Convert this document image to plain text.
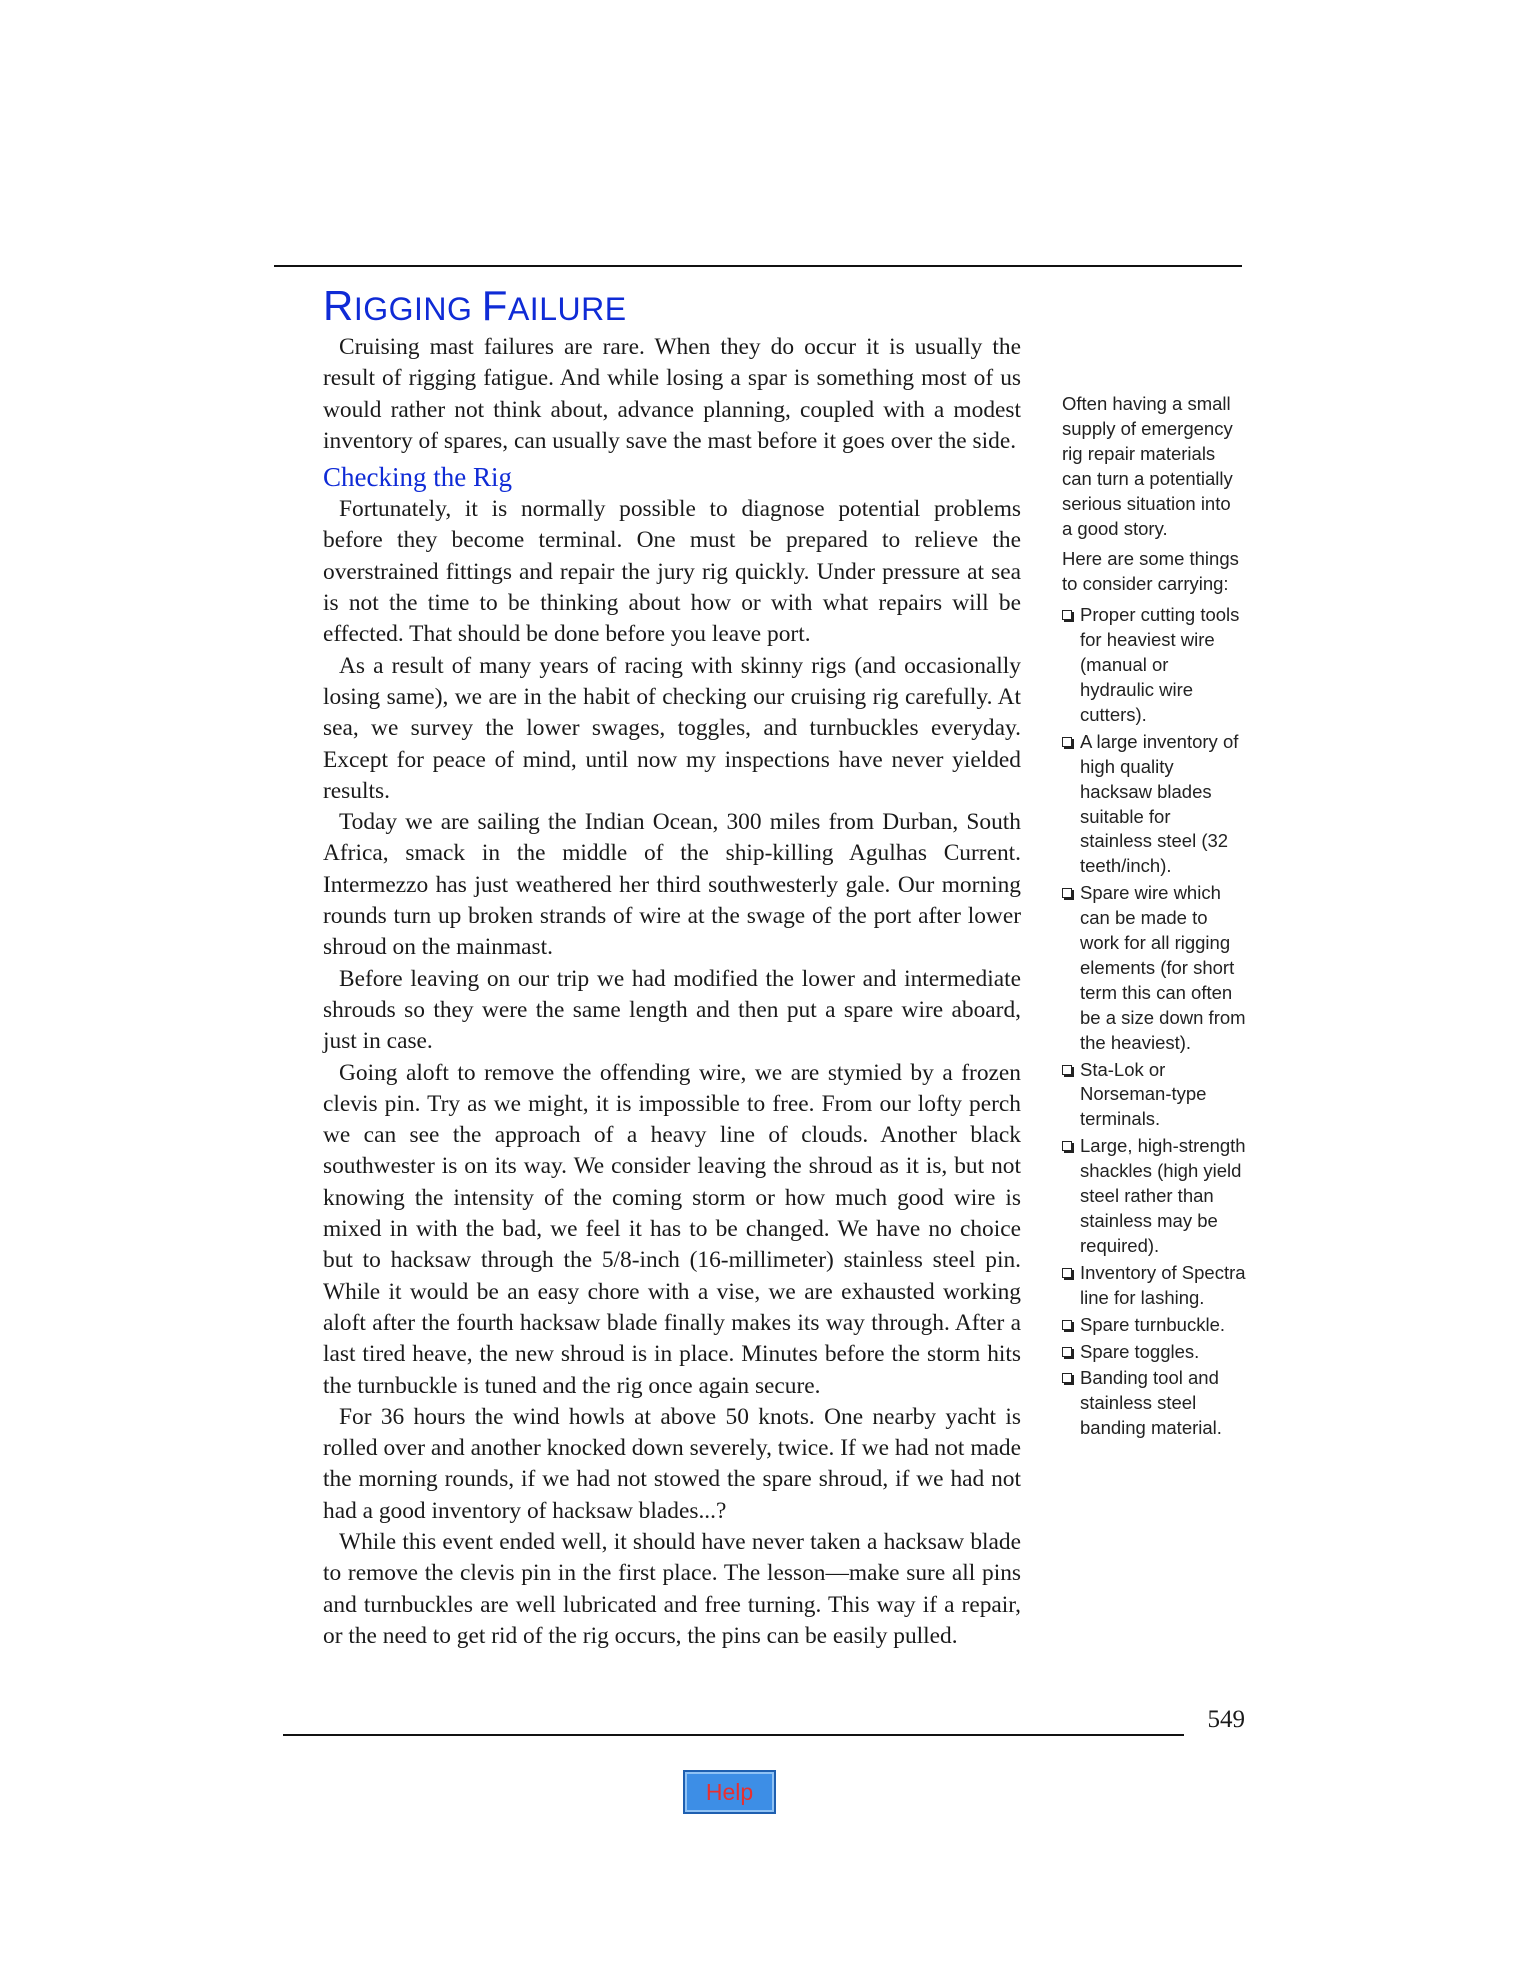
RIGGING FAILURE

Cruising mast failures are rare. When they do occur it is usually the result of rigging fatigue. And while losing a spar is something most of us would rather not think about, advance planning, coupled with a modest inventory of spares, can usually save the mast before it goes over the side.

Checking the Rig

Fortunately, it is normally possible to diagnose potential problems before they become terminal. One must be prepared to relieve the overstrained fittings and repair the jury rig quickly. Under pressure at sea is not the time to be thinking about how or with what repairs will be effected. That should be done before you leave port.

As a result of many years of racing with skinny rigs (and occasionally losing same), we are in the habit of checking our cruising rig carefully. At sea, we survey the lower swages, toggles, and turnbuckles everyday. Except for peace of mind, until now my inspections have never yielded results.

Today we are sailing the Indian Ocean, 300 miles from Durban, South Africa, smack in the middle of the ship-killing Agulhas Current. Intermezzo has just weathered her third southwesterly gale. Our morning rounds turn up broken strands of wire at the swage of the port after lower shroud on the mainmast.

Before leaving on our trip we had modified the lower and intermediate shrouds so they were the same length and then put a spare wire aboard, just in case.

Going aloft to remove the offending wire, we are stymied by a frozen clevis pin. Try as we might, it is impossible to free. From our lofty perch we can see the approach of a heavy line of clouds. Another black southwester is on its way. We consider leaving the shroud as it is, but not knowing the intensity of the coming storm or how much good wire is mixed in with the bad, we feel it has to be changed. We have no choice but to hacksaw through the 5/8-inch (16-millimeter) stainless steel pin. While it would be an easy chore with a vise, we are exhausted working aloft after the fourth hacksaw blade finally makes its way through. After a last tired heave, the new shroud is in place. Minutes before the storm hits the turnbuckle is tuned and the rig once again secure.

For 36 hours the wind howls at above 50 knots. One nearby yacht is rolled over and another knocked down severely, twice. If we had not made the morning rounds, if we had not stowed the spare shroud, if we had not had a good inventory of hacksaw blades...?

While this event ended well, it should have never taken a hacksaw blade to remove the clevis pin in the first place. The lesson—make sure all pins and turnbuckles are well lubricated and free turning. This way if a repair, or the need to get rid of the rig occurs, the pins can be easily pulled.

Often having a small supply of emergency rig repair materials can turn a potentially serious situation into a good story.

Here are some things to consider carrying:

Proper cutting tools for heaviest wire (manual or hydraulic wire cutters).
A large inventory of high quality hacksaw blades suitable for stainless steel (32 teeth/inch).
Spare wire which can be made to work for all rigging elements (for short term this can often be a size down from the heaviest).
Sta-Lok or Norseman-type terminals.
Large, high-strength shackles (high yield steel rather than stainless may be required).
Inventory of Spectra line for lashing.
Spare turnbuckle.
Spare toggles.
Banding tool and stainless steel banding material.
549
Help
